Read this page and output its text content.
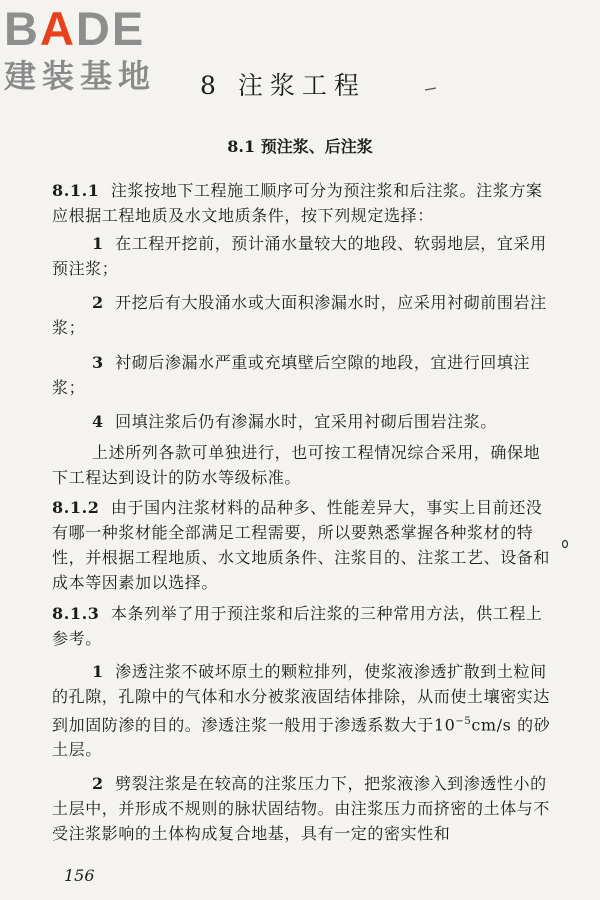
BADE
建装基地	8 注浆工程
8.1 预注浆、后注浆

8.1.1 注浆按地下工程施工顺序可分为预注浆和后注浆。注浆方案应根据工程地质及水文地质条件，按下列规定选择：

1 在工程开挖前，预计涌水量较大的地段、软弱地层，宜采用预注浆；

2 开挖后有大股涌水或大面积渗漏水时，应采用衬砌前围岩注浆；

3 衬砌后渗漏水严重或充填壁后空隙的地段，宜进行回填注浆；

4 回填注浆后仍有渗漏水时，宜采用衬砌后围岩注浆。

上述所列各款可单独进行，也可按工程情况综合采用，确保地下工程达到设计的防水等级标准。

8.1.2 由于国内注浆材料的品种多、性能差异大，事实上目前还没有哪一种浆材能全部满足工程需要，所以要熟悉掌握各种浆材的特性，并根据工程地质、水文地质条件、注浆目的、注浆工艺、设备和成本等因素加以选择。

8.1.3 本条列举了用于预注浆和后注浆的三种常用方法，供工程上参考。

1 渗透注浆不破坏原土的颗粒排列，使浆液渗透扩散到土粒间的孔隙，孔隙中的气体和水分被浆液固结体排除，从而使土壤密实达到加固防渗的目的。渗透注浆一般用于渗透系数大于$10^{-5}cm/s$ 的砂土层。

2 劈裂注浆是在较高的注浆压力下，把浆液渗入到渗透性小的土层中，并形成不规则的脉状固结物。由注浆压力而挤密的土体与不受注浆影响的土体构成复合地基，具有一定的密实性和

156
